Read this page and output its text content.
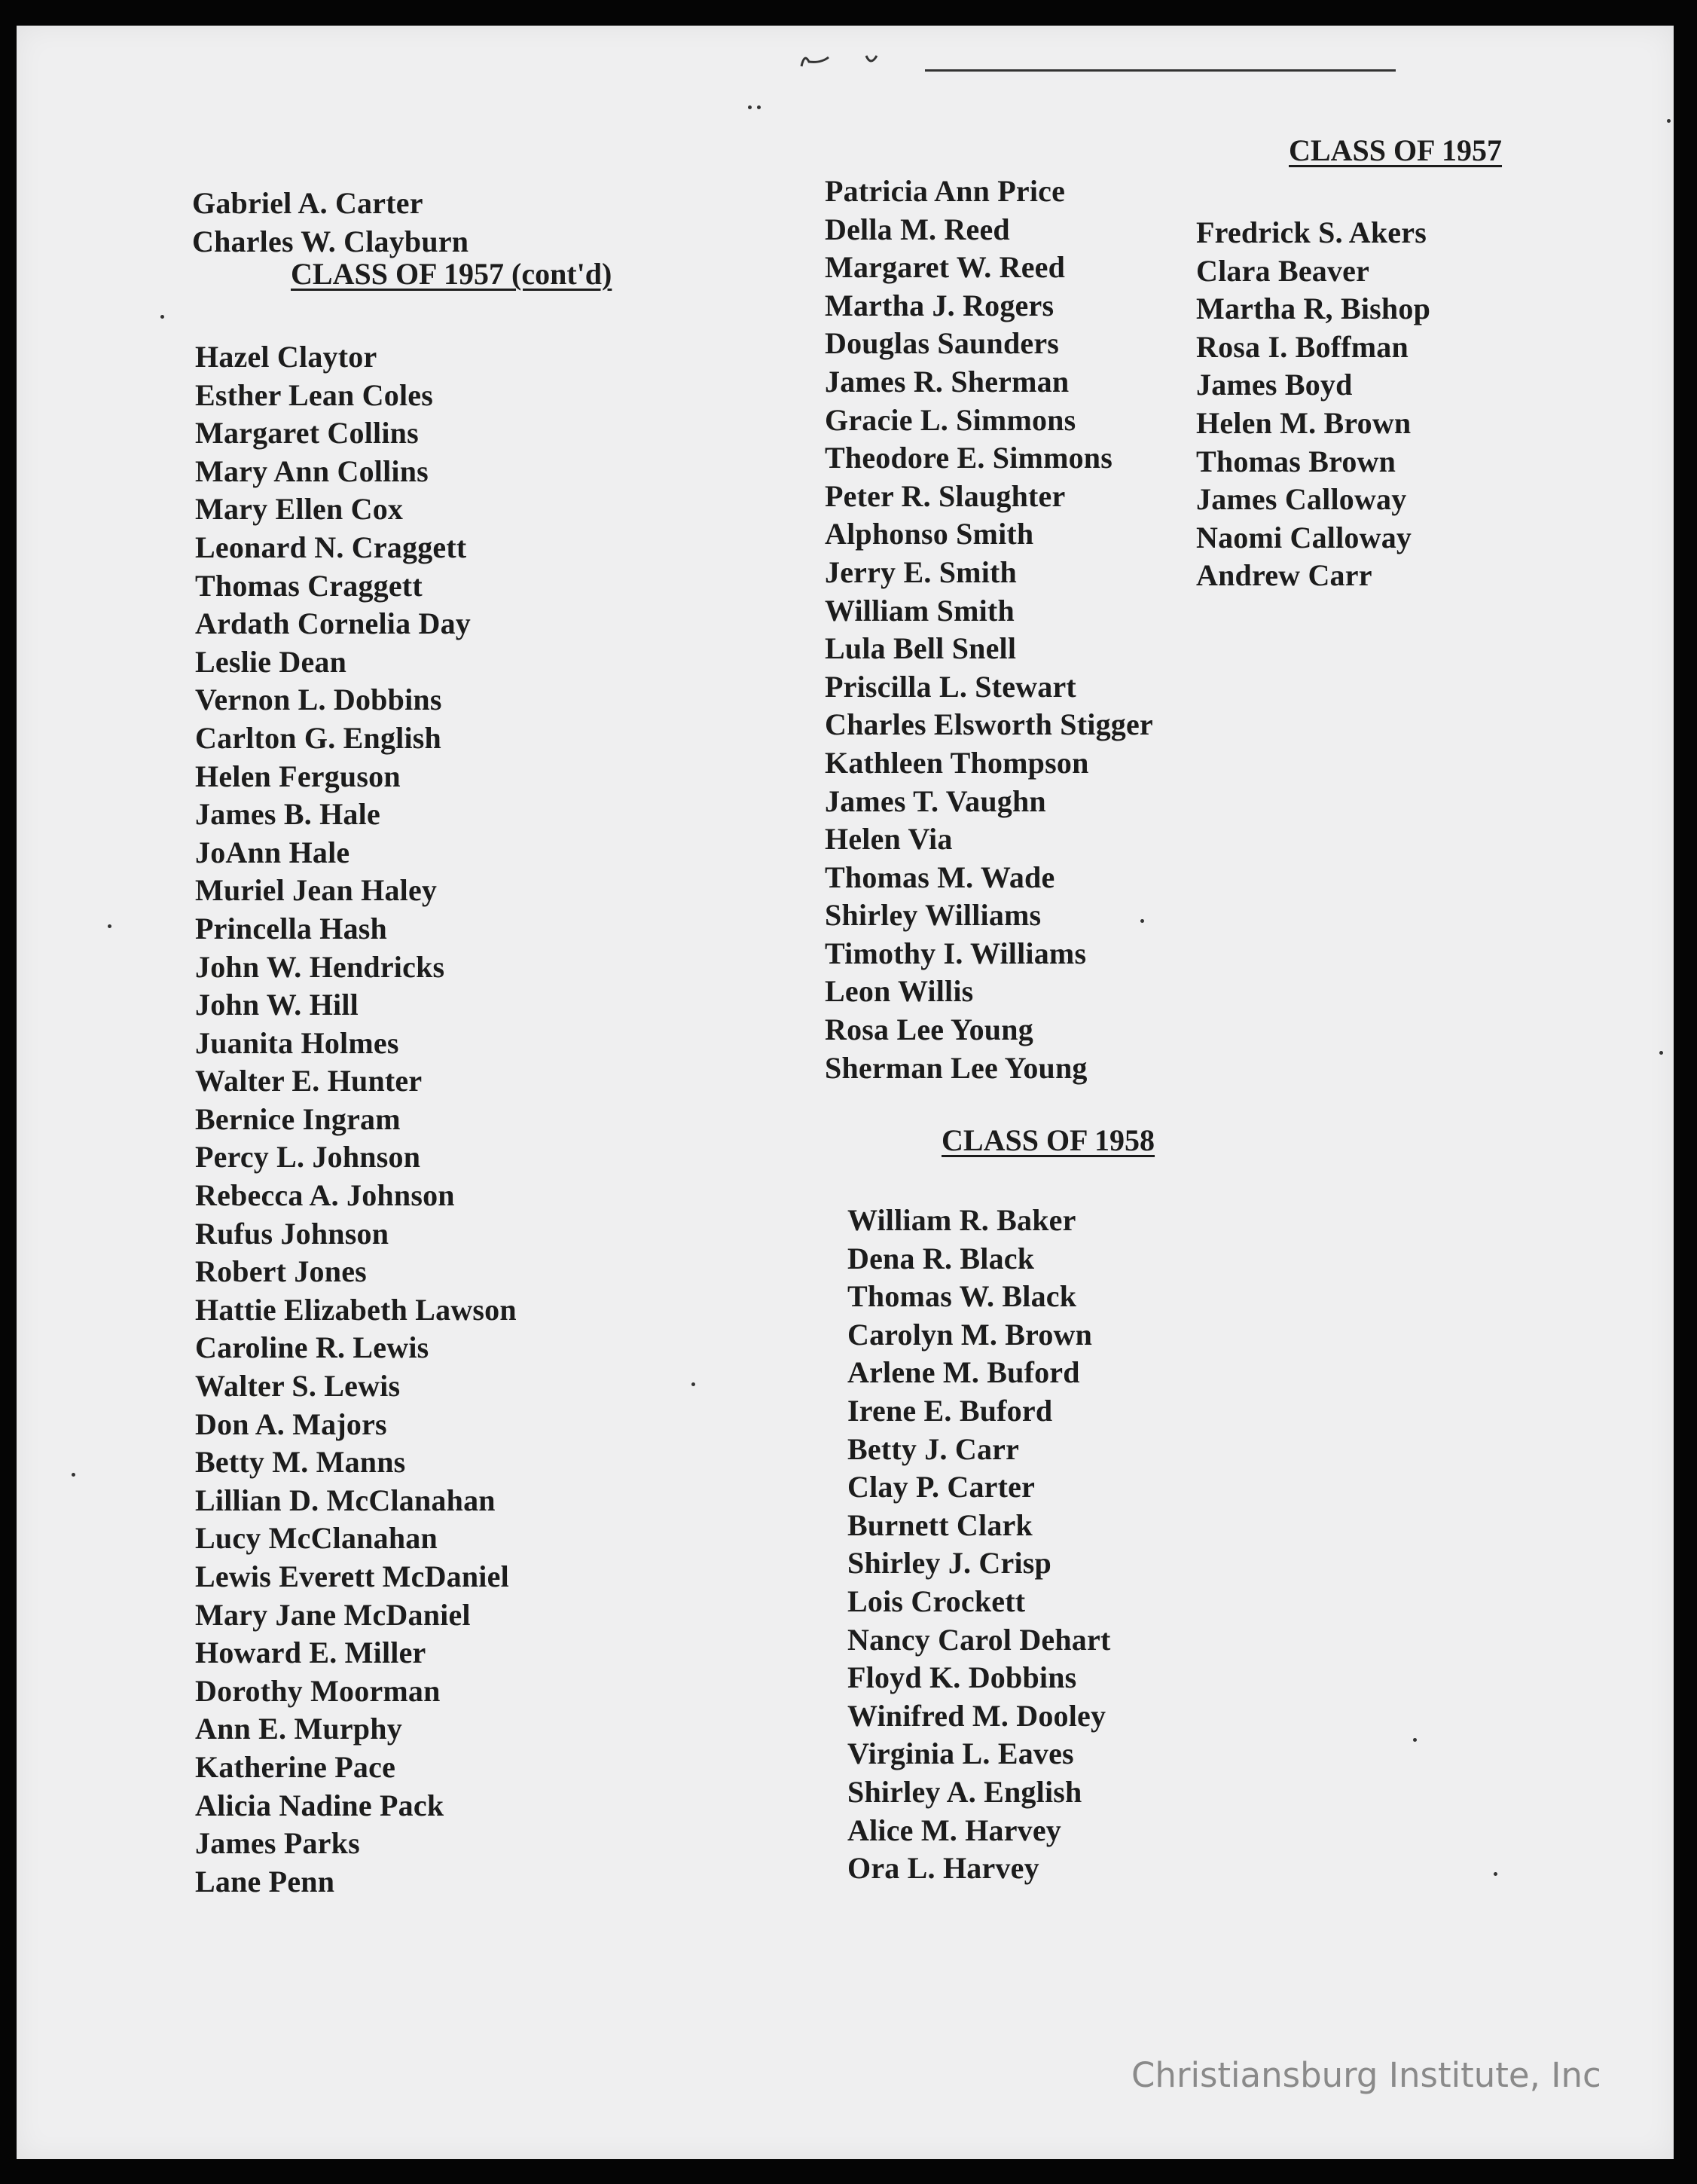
CLASS OF 1957
CLASS OF 1957 (cont'd)
CLASS OF 1958
Gabriel A. Carter
Charles W. Clayburn
Hazel Claytor
Esther Lean Coles
Margaret Collins
Mary Ann Collins
Mary Ellen Cox
Leonard N. Craggett
Thomas Craggett
Ardath Cornelia Day
Leslie Dean
Vernon L. Dobbins
Carlton G. English
Helen Ferguson
James B. Hale
JoAnn Hale
Muriel Jean Haley
Princella Hash
John W. Hendricks
John W. Hill
Juanita Holmes
Walter E. Hunter
Bernice Ingram
Percy L. Johnson
Rebecca A. Johnson
Rufus Johnson
Robert Jones
Hattie Elizabeth Lawson
Caroline R. Lewis
Walter S. Lewis
Don A. Majors
Betty M. Manns
Lillian D. McClanahan
Lucy McClanahan
Lewis Everett McDaniel
Mary Jane McDaniel
Howard E. Miller
Dorothy Moorman
Ann E. Murphy
Katherine Pace
Alicia Nadine Pack
James Parks
Lane Penn
Patricia Ann Price
Della M. Reed
Margaret W. Reed
Martha J. Rogers
Douglas Saunders
James R. Sherman
Gracie L. Simmons
Theodore E. Simmons
Peter R. Slaughter
Alphonso Smith
Jerry E. Smith
William Smith
Lula Bell Snell
Priscilla L. Stewart
Charles Elsworth Stigger
Kathleen Thompson
James T. Vaughn
Helen Via
Thomas M. Wade
Shirley Williams
Timothy I. Williams
Leon Willis
Rosa Lee Young
Sherman Lee Young
William R. Baker
Dena R. Black
Thomas W. Black
Carolyn M. Brown
Arlene M. Buford
Irene E. Buford
Betty J. Carr
Clay P. Carter
Burnett Clark
Shirley J. Crisp
Lois Crockett
Nancy Carol Dehart
Floyd K. Dobbins
Winifred M. Dooley
Virginia L. Eaves
Shirley A. English
Alice M. Harvey
Ora L. Harvey
Fredrick S. Akers
Clara Beaver
Martha R, Bishop
Rosa I. Boffman
James Boyd
Helen M. Brown
Thomas Brown
James Calloway
Naomi Calloway
Andrew Carr
Christiansburg Institute, Inc
